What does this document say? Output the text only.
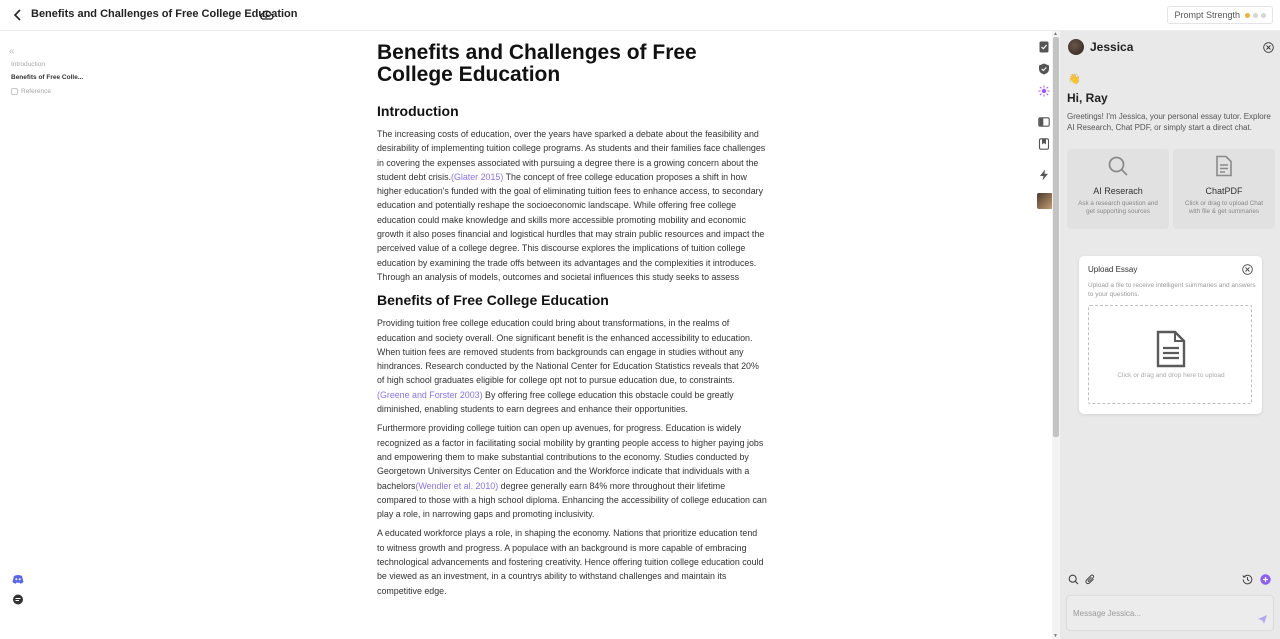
Benefits and Challenges of Free College Education	Prompt Strength
«
Introduction
Benefits of Free Colle...
Reference
Benefits and Challenges of Free College Education
Introduction

The increasing costs of education, over the years have sparked a debate about the feasibility and desirability of implementing tuition college programs. As students and their families face challenges in covering the expenses associated with pursuing a degree there is a growing concern about the student debt crisis.(Glater 2015) The concept of free college education proposes a shift in how higher education's funded with the goal of eliminating tuition fees to enhance access, to secondary education and potentially reshape the socioeconomic landscape. While offering free college education could make knowledge and skills more accessible promoting mobility and economic growth it also poses financial and logistical hurdles that may strain public resources and impact the perceived value of a college degree. This discourse explores the implications of tuition college education by examining the trade offs between its advantages and the complexities it introduces. Through an analysis of models, outcomes and societal influences this study seeks to assess

Benefits of Free College Education

Providing tuition free college education could bring about transformations, in the realms of education and society overall. One significant benefit is the enhanced accessibility to education. When tuition fees are removed students from backgrounds can engage in studies without any hindrances. Research conducted by the National Center for Education Statistics reveals that 20% of high school graduates eligible for college opt not to pursue education due, to constraints.(Greene and Forster 2003) By offering free college education this obstacle could be greatly diminished, enabling students to earn degrees and enhance their opportunities.

Furthermore providing college tuition can open up avenues, for progress. Education is widely recognized as a factor in facilitating social mobility by granting people access to higher paying jobs and empowering them to make substantial contributions to the economy. Studies conducted by Georgetown Universitys Center on Education and the Workforce indicate that individuals with a bachelors(Wendler et al. 2010) degree generally earn 84% more throughout their lifetime compared to those with a high school diploma. Enhancing the accessibility of college education can play a role, in narrowing gaps and promoting inclusivity.

A educated workforce plays a role, in shaping the economy. Nations that prioritize education tend to witness growth and progress. A populace with an background is more capable of embracing technological advancements and fostering creativity. Hence offering tuition college education could be viewed as an investment, in a countrys ability to withstand challenges and maintain its competitive edge.

▲
▼
Jessica
👋
Hi, Ray
Greetings! I'm Jessica, your personal essay tutor. Explore AI Research, Chat PDF, or simply start a direct chat.
AI Reserach
Ask a research question and get supporting sources
ChatPDF
Click or drag to upload Chat with file & get summaries
Upload Essay
Upload a file to receive intelligent summaries and answers to your questions.
Click or drag and drop here to upload
Message Jessica...
